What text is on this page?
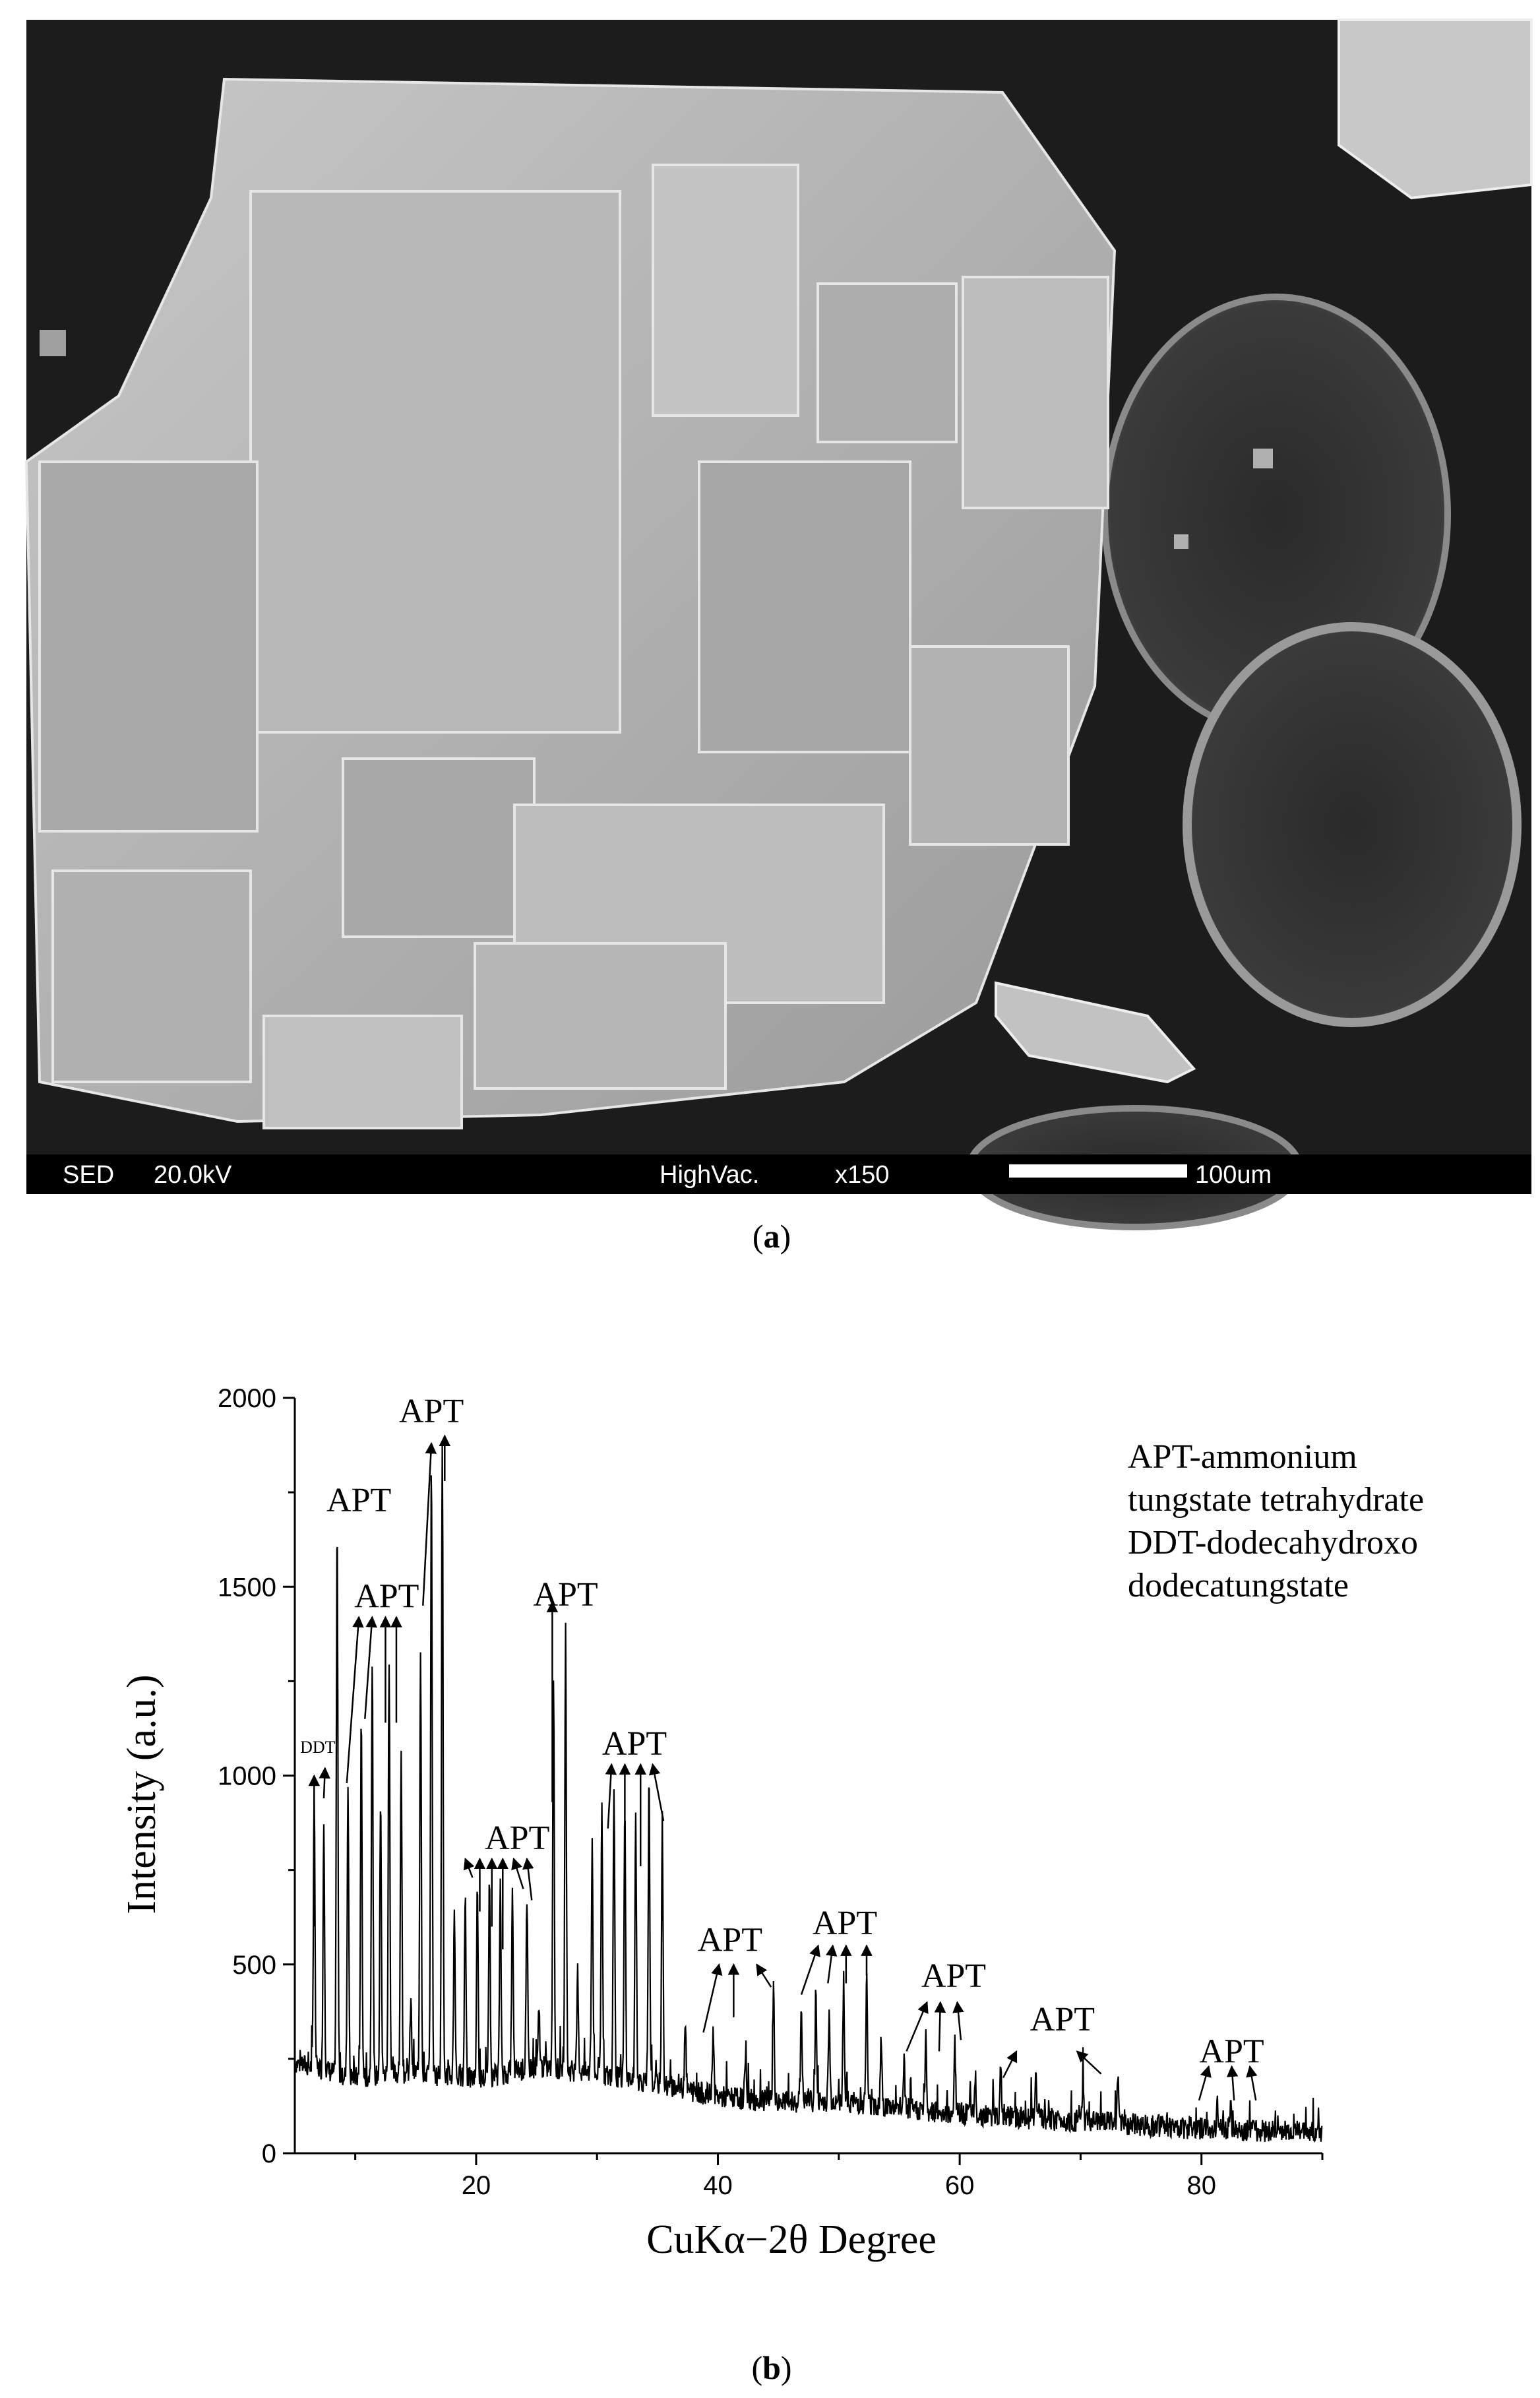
SED 20.0kV	HighVac.	x150	100um
(a)
20	40	60	80
0
500
1000
1500
2000
DDT
APT
APT
APT	APT
APT
APT
APT APT
APT
APT
APT
Intensity (a.u.)
CuKα−2θ Degree
APT-ammonium
tungstate tetrahydrate
DDT-dodecahydroxo
dodecatungstate
(b)
